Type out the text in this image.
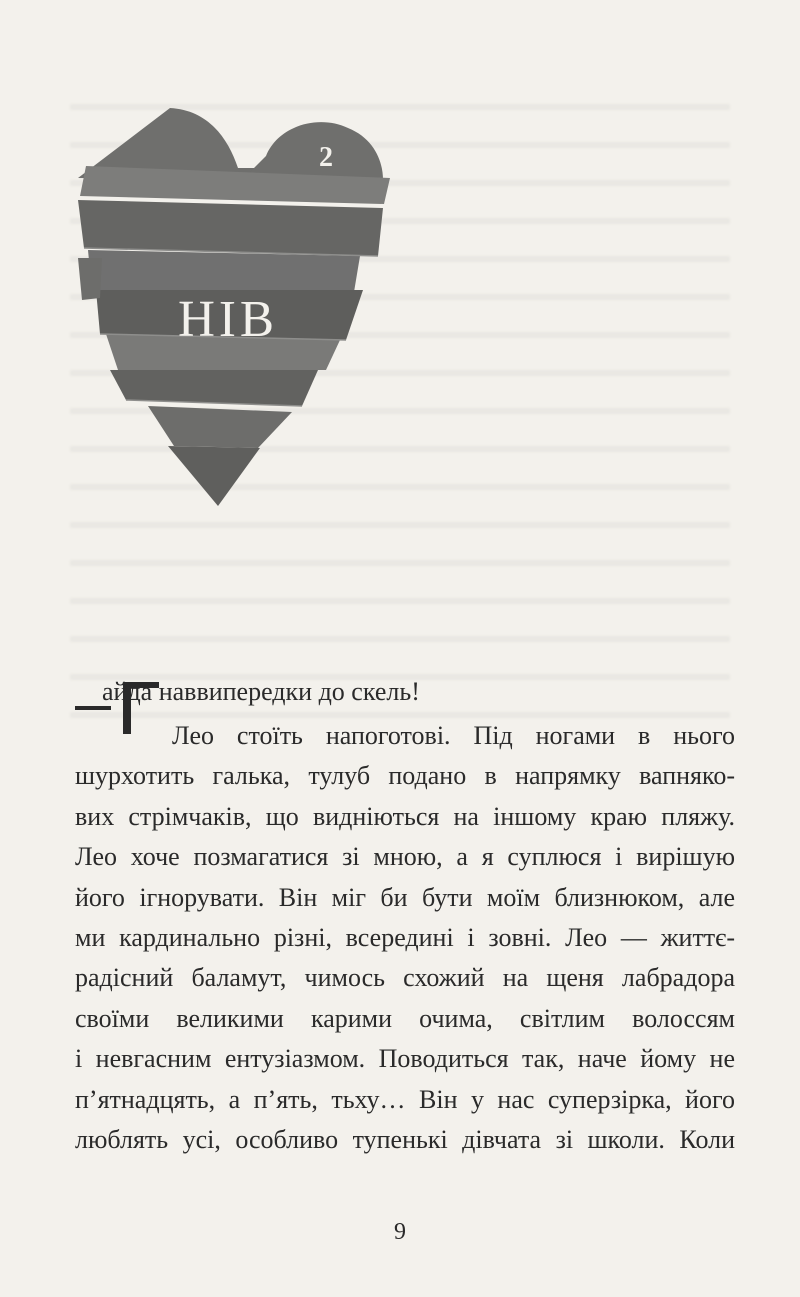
2
НІВ
айда наввипередки до скель!
Лео стоїть напоготові. Під ногами в нього
шурхотить галька, тулуб подано в напрямку вапняко-
вих стрімчаків, що видніються на іншому краю пляжу.
Лео хоче позмагатися зі мною, а я суплюся і вирішую
його ігнорувати. Він міг би бути моїм близнюком, але
ми кардинально різні, всередині і зовні. Лео — життє-
радісний баламут, чимось схожий на щеня лабрадора
своїми великими карими очима, світлим волоссям
і невгасним ентузіазмом. Поводиться так, наче йому не
п’ятнадцять, а п’ять, тьху… Він у нас суперзірка, його
люблять усі, особливо тупенькі дівчата зі школи. Коли
9
